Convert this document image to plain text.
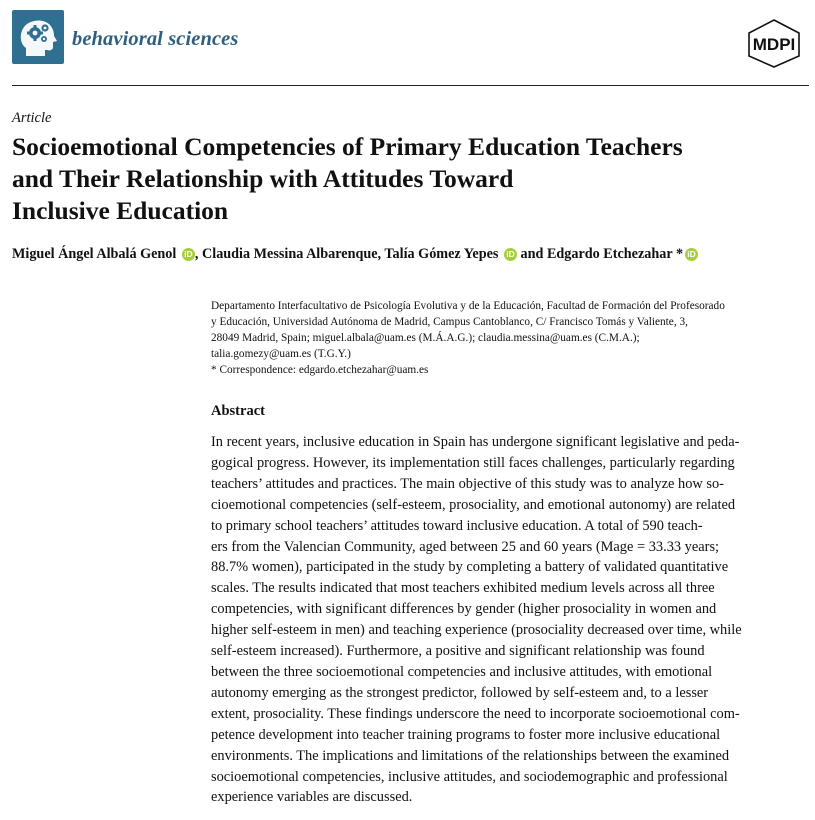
behavioral sciences	MDPI
Article
Socioemotional Competencies of Primary Education Teachers
and Their Relationship with Attitudes Toward
Inclusive Education
Miguel Ángel Albalá Genol iD , Claudia Messina Albarenque, Talía Gómez Yepes iD and Edgardo Etchezahar * iD
Departamento Interfacultativo de Psicología Evolutiva y de la Educación, Facultad de Formación del Profesorado
y Educación, Universidad Autónoma de Madrid, Campus Cantoblanco, C/ Francisco Tomás y Valiente, 3,
28049 Madrid, Spain; miguel.albala@uam.es (M.Á.A.G.); claudia.messina@uam.es (C.M.A.);
talia.gomezy@uam.es (T.G.Y.)
* Correspondence: edgardo.etchezahar@uam.es
Abstract
In recent years, inclusive education in Spain has undergone significant legislative and peda-
gogical progress. However, its implementation still faces challenges, particularly regarding
teachers’ attitudes and practices. The main objective of this study was to analyze how so-
cioemotional competencies (self-esteem, prosociality, and emotional autonomy) are related
to primary school teachers’ attitudes toward inclusive education. A total of 590 teach-
ers from the Valencian Community, aged between 25 and 60 years (Mage = 33.33 years;
88.7% women), participated in the study by completing a battery of validated quantitative
scales. The results indicated that most teachers exhibited medium levels across all three
competencies, with significant differences by gender (higher prosociality in women and
higher self-esteem in men) and teaching experience (prosociality decreased over time, while
self-esteem increased). Furthermore, a positive and significant relationship was found
between the three socioemotional competencies and inclusive attitudes, with emotional
autonomy emerging as the strongest predictor, followed by self-esteem and, to a lesser
extent, prosociality. These findings underscore the need to incorporate socioemotional com-
petence development into teacher training programs to foster more inclusive educational
environments. The implications and limitations of the relationships between the examined
socioemotional competencies, inclusive attitudes, and sociodemographic and professional
experience variables are discussed.
